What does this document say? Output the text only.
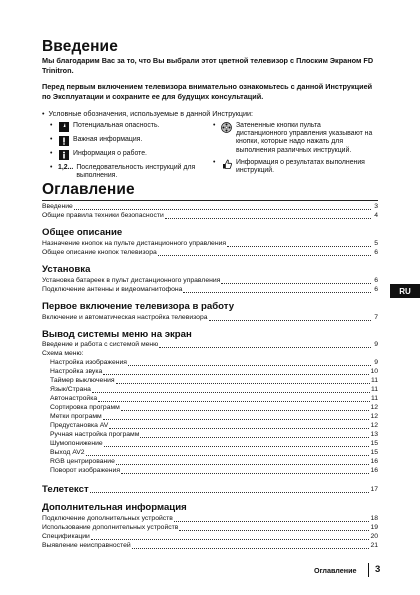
Введение
Мы благодарим Вас за то, что Вы выбрали этот цветной телевизор с Плоским Экраном FD Trinitron.
Перед первым включением телевизора внимательно ознакомьтесь с данной Инструкцией по Эксплуатации и сохраните ее для будущих консультаций.
• Условные обозначения, используемые в данной Инструкции:
•	Потенциальная опасность.
•	Важная информация.
•	Информация о работе.
• 1,2... Последовательность инструкций для выполнения.
•	Затененные кнопки пульта дистанционного управления указывают на кнопки, которые надо нажать для выполнения различных инструкций.
•	Информация о результатах выполнения инструкций.
Оглавление
Введение	3
Общие правила техники безопасности	4
Общее описание
Назначение кнопок на пульте дистанционного управления	5
Общее описание кнопок телевизора	6
Установка
Установка батареек в пульт дистанционного управления	6
Подключение антенны и видеомагнитофона	6
Первое включение телевизора в работу
Включение и автоматическая настройка телевизора	7
Вывод системы меню на экран
Введение и работа с системой меню	9
Схема меню:
Настройка изображения	9
Настройка звука	10
Таймер выключения	11
Язык/Страна	11
Автонастройка	11
Сортировка программ	12
Метки программ	12
Предустановка AV	12
Ручная настройка программ	13
Шумопонижение	15
Выход AV2	15
RGB центрирование	16
Поворот изображения	16
Телетекст	17
Дополнительная информация
Подключение дополнительных устройств	18
Использование дополнительных устройств	19
Спецификации	20
Выявление неисправностей	21
RU
Оглавление 3
